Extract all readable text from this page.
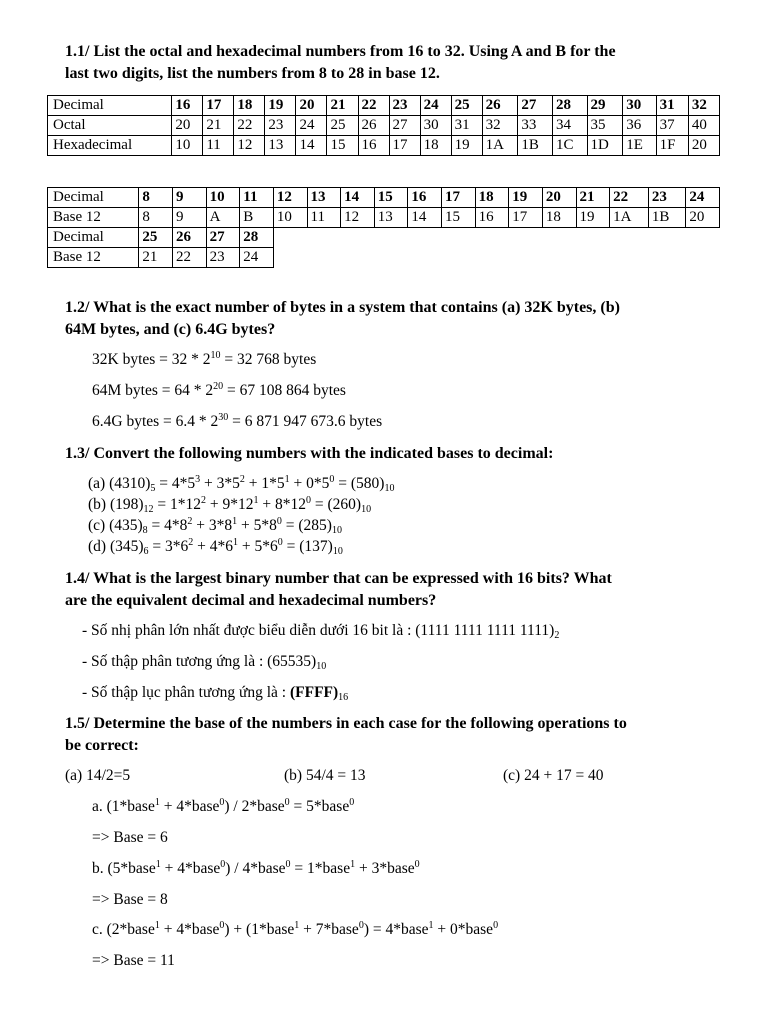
1.1/ List the octal and hexadecimal numbers from 16 to 32. Using A and B for the
last two digits, list the numbers from 8 to 28 in base 12.
Decimal	16	17	18	19	20	21	22	23	24	25	26	27	28	29	30	31	32
Octal	20	21	22	23	24	25	26	27	30	31	32	33	34	35	36	37	40
Hexadecimal	10	11	12	13	14	15	16	17	18	19	1A	1B	1C	1D	1E	1F	20
Decimal	8	9	10	11	12	13	14	15	16	17	18	19	20	21	22	23	24
Base 12	8	9	A	B	10	11	12	13	14	15	16	17	18	19	1A	1B	20
Decimal	25	26	27	28													
Base 12	21	22	23	24													
1.2/ What is the exact number of bytes in a system that contains (a) 32K bytes, (b)
64M bytes, and (c) 6.4G bytes?
32K bytes = $32 * 2^{10} = 32$ 768 bytes
64M bytes = $64 * 2^{20} = 67$ 108 864 bytes
6.4G bytes = $6.4 * 2^{30} = 6$ 871 947 673.6 bytes
1.3/ Convert the following numbers with the indicated bases to decimal:
(a) $(4310)_5 = 4*5^3 + 3*5^2 + 1*5^1 + 0*5^0 = (580)_{10}$
(b) $(198)_{12} = 1*12^2 + 9*12^1 + 8*12^0 = (260)_{10}$
(c) $(435)_8 = 4*8^2 + 3*8^1 + 5*8^0 = (285)_{10}$
(d) $(345)_6 = 3*6^2 + 4*6^1 + 5*6^0 = (137)_{10}$
1.4/ What is the largest binary number that can be expressed with 16 bits? What
are the equivalent decimal and hexadecimal numbers?
- Số nhị phân lớn nhất được biểu diễn dưới 16 bit là : (1111 1111 1111 $1111)_2$
- Số thập phân tương ứng là : $(65535)_{10}$
- Số thập lục phân tương ứng là : $(FFFF)_{16}$
1.5/ Determine the base of the numbers in each case for the following operations to
be correct:
(a) 14/2=5	(b) 54/4 = 13	(c) 24 + 17 = 40
a. (1*base$^1$ + 4*base$^0$) / 2*base$^0$ = 5*base$^0$
=> Base = 6
b. (5*base$^1$ + 4*base$^0$) / 4*base$^0$ = 1*base$^1$ + 3*base$^0$
=> Base = 8
c. (2*base$^1$ + 4*base$^0$) + (1*base$^1$ + 7*base$^0$) = 4*base$^1$ + 0*base$^0$
=> Base = 11
